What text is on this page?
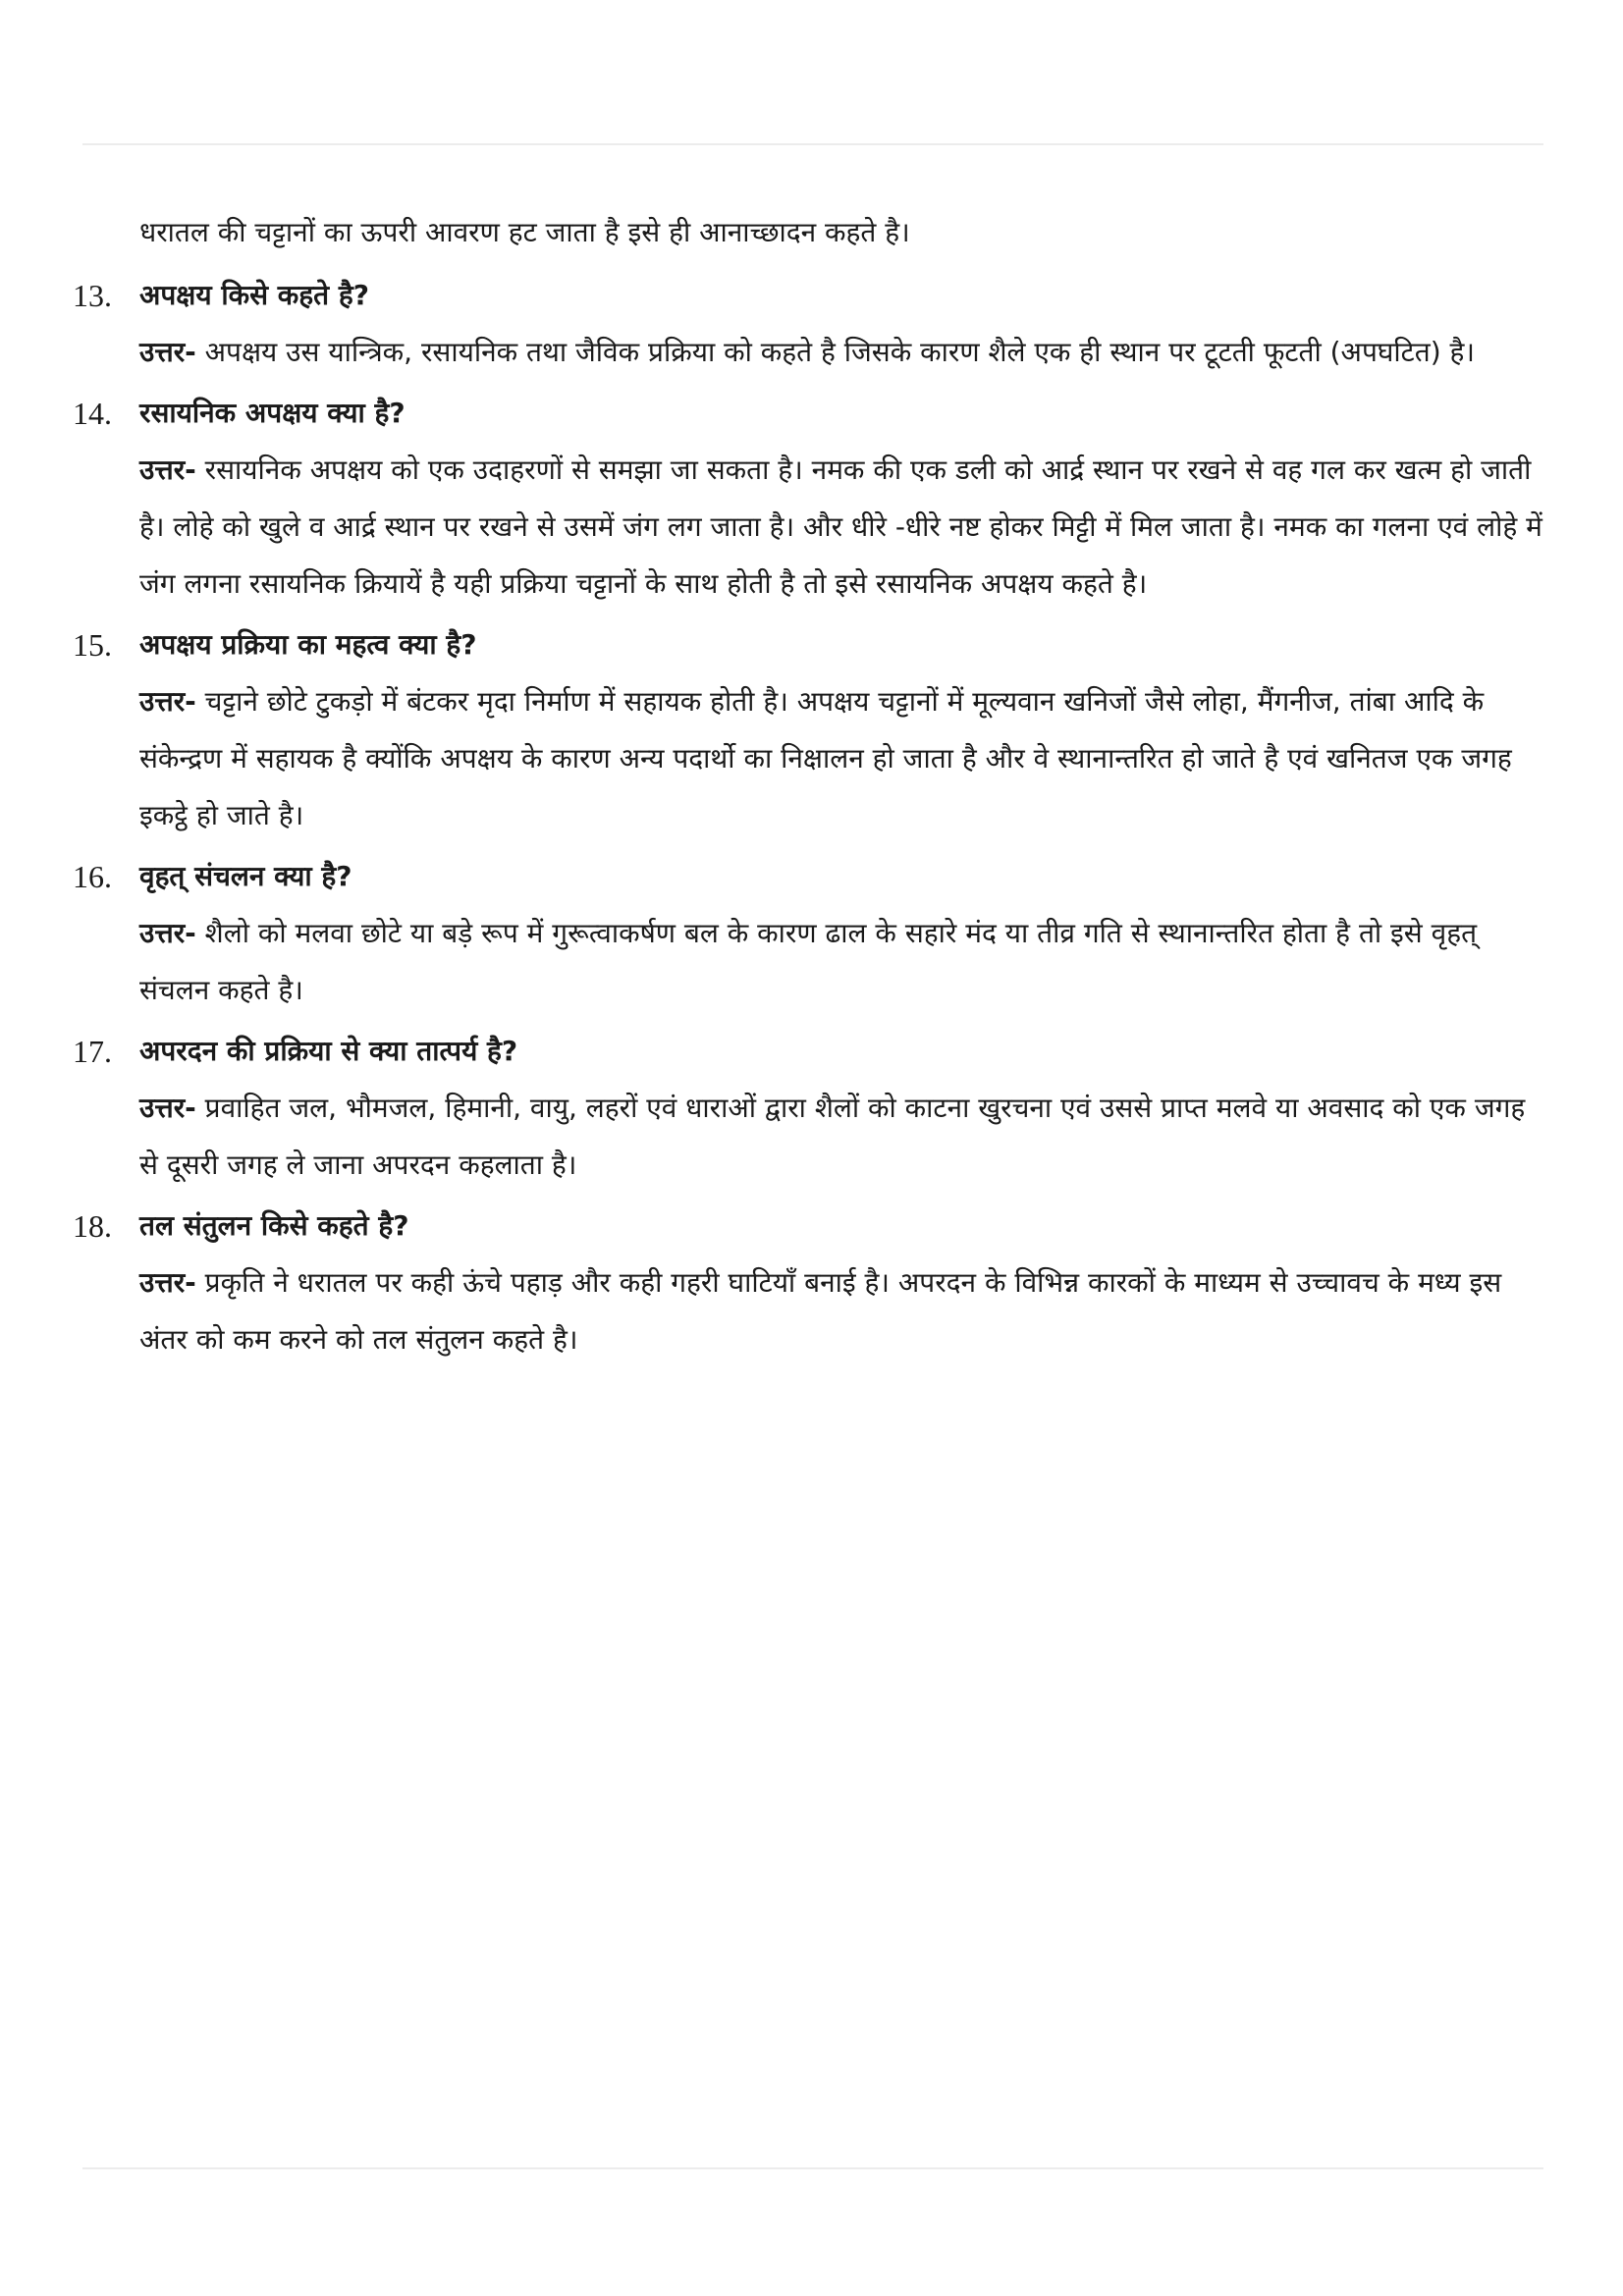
धरातल की चट्टानों का ऊपरी आवरण हट जाता है इसे ही आनाच्छादन कहते है।

13.	अपक्षय किसे कहते है?
उत्तर- अपक्षय उस यान्त्रिक, रसायनिक तथा जैविक प्रक्रिया को कहते है जिसके कारण शैले एक ही स्थान पर टूटती फूटती (अपघटित) है।
14.	रसायनिक अपक्षय क्या है?
उत्तर- रसायनिक अपक्षय को एक उदाहरणों से समझा जा सकता है। नमक की एक डली को आर्द्र स्थान पर रखने से वह गल कर खत्म हो जाती है। लोहे को खुले व आर्द्र स्थान पर रखने से उसमें जंग लग जाता है। और धीरे -धीरे नष्ट होकर मिट्टी में मिल जाता है। नमक का गलना एवं लोहे में जंग लगना रसायनिक क्रियायें है यही प्रक्रिया चट्टानों के साथ होती है तो इसे रसायनिक अपक्षय कहते है।
15.	अपक्षय प्रक्रिया का महत्व क्या है?
उत्तर- चट्टाने छोटे टुकड़ो में बंटकर मृदा निर्माण में सहायक होती है। अपक्षय चट्टानों में मूल्यवान खनिजों जैसे लोहा, मैंगनीज, तांबा आदि के संकेन्द्रण में सहायक है क्योंकि अपक्षय के कारण अन्य पदार्थो का निक्षालन हो जाता है और वे स्थानान्तरित हो जाते है एवं खनितज एक जगह इकट्ठे हो जाते है।
16.	वृहत् संचलन क्या है?
उत्तर- शैलो को मलवा छोटे या बड़े रूप में गुरूत्वाकर्षण बल के कारण ढाल के सहारे मंद या तीव्र गति से स्थानान्तरित होता है तो इसे वृहत् संचलन कहते है।
17.	अपरदन की प्रक्रिया से क्या तात्पर्य है?
उत्तर- प्रवाहित जल, भौमजल, हिमानी, वायु, लहरों एवं धाराओं द्वारा शैलों को काटना खुरचना एवं उससे प्राप्त मलवे या अवसाद को एक जगह से दूसरी जगह ले जाना अपरदन कहलाता है।
18.	तल संतुलन किसे कहते है?
उत्तर- प्रकृति ने धरातल पर कही ऊंचे पहाड़ और कही गहरी घाटियाँ बनाई है। अपरदन के विभिन्न कारकों के माध्यम से उच्चावच के मध्य इस अंतर को कम करने को तल संतुलन कहते है।
